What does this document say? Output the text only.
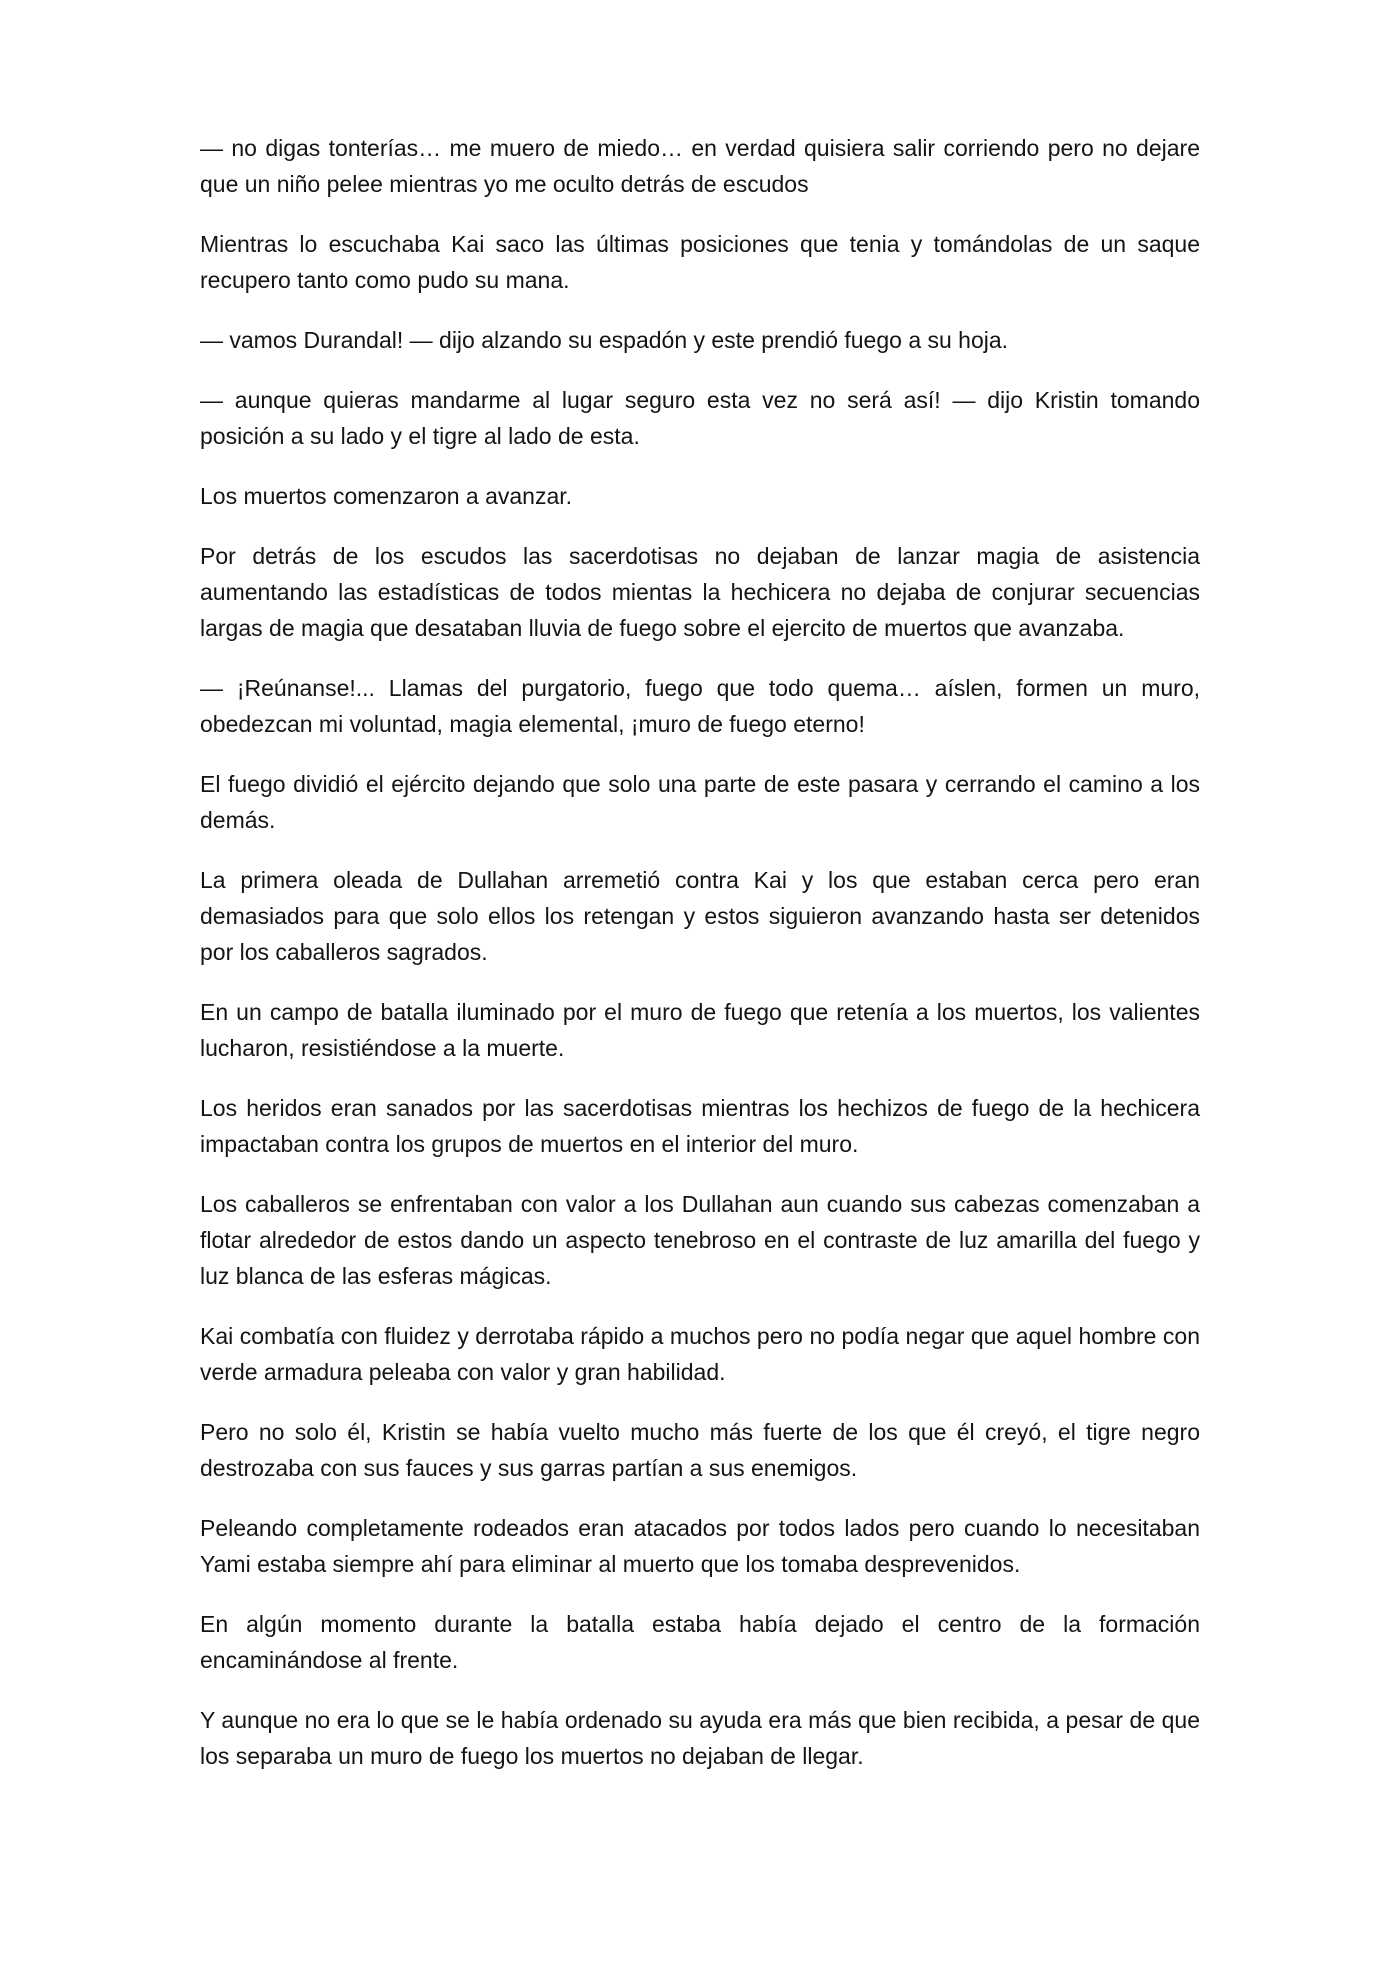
— no digas tonterías… me muero de miedo… en verdad quisiera salir corriendo pero no dejare que un niño pelee mientras yo me oculto detrás de escudos

Mientras lo escuchaba Kai saco las últimas posiciones que tenia y tomándolas de un saque recupero tanto como pudo su mana.

— vamos Durandal! — dijo alzando su espadón y este prendió fuego a su hoja.

— aunque quieras mandarme al lugar seguro esta vez no será así! — dijo Kristin tomando posición a su lado y el tigre al lado de esta.

Los muertos comenzaron a avanzar.

Por detrás de los escudos las sacerdotisas no dejaban de lanzar magia de asistencia aumentando las estadísticas de todos mientas la hechicera no dejaba de conjurar secuencias largas de magia que desataban lluvia de fuego sobre el ejercito de muertos que avanzaba.

— ¡Reúnanse!... Llamas del purgatorio, fuego que todo quema… aíslen, formen un muro, obedezcan mi voluntad, magia elemental, ¡muro de fuego eterno!

El fuego dividió el ejército dejando que solo una parte de este pasara y cerrando el camino a los demás.

La primera oleada de Dullahan arremetió contra Kai y los que estaban cerca pero eran demasiados para que solo ellos los retengan y estos siguieron avanzando hasta ser detenidos por los caballeros sagrados.

En un campo de batalla iluminado por el muro de fuego que retenía a los muertos, los valientes lucharon, resistiéndose a la muerte.

Los heridos eran sanados por las sacerdotisas mientras los hechizos de fuego de la hechicera impactaban contra los grupos de muertos en el interior del muro.

Los caballeros se enfrentaban con valor a los Dullahan aun cuando sus cabezas comenzaban a flotar alrededor de estos dando un aspecto tenebroso en el contraste de luz amarilla del fuego y luz blanca de las esferas mágicas.

Kai combatía con fluidez y derrotaba rápido a muchos pero no podía negar que aquel hombre con verde armadura peleaba con valor y gran habilidad.

Pero no solo él, Kristin se había vuelto mucho más fuerte de los que él creyó, el tigre negro destrozaba con sus fauces y sus garras partían a sus enemigos.

Peleando completamente rodeados eran atacados por todos lados pero cuando lo necesitaban Yami estaba siempre ahí para eliminar al muerto que los tomaba desprevenidos.

En algún momento durante la batalla estaba había dejado el centro de la formación encaminándose al frente.

Y aunque no era lo que se le había ordenado su ayuda era más que bien recibida, a pesar de que los separaba un muro de fuego los muertos no dejaban de llegar.
